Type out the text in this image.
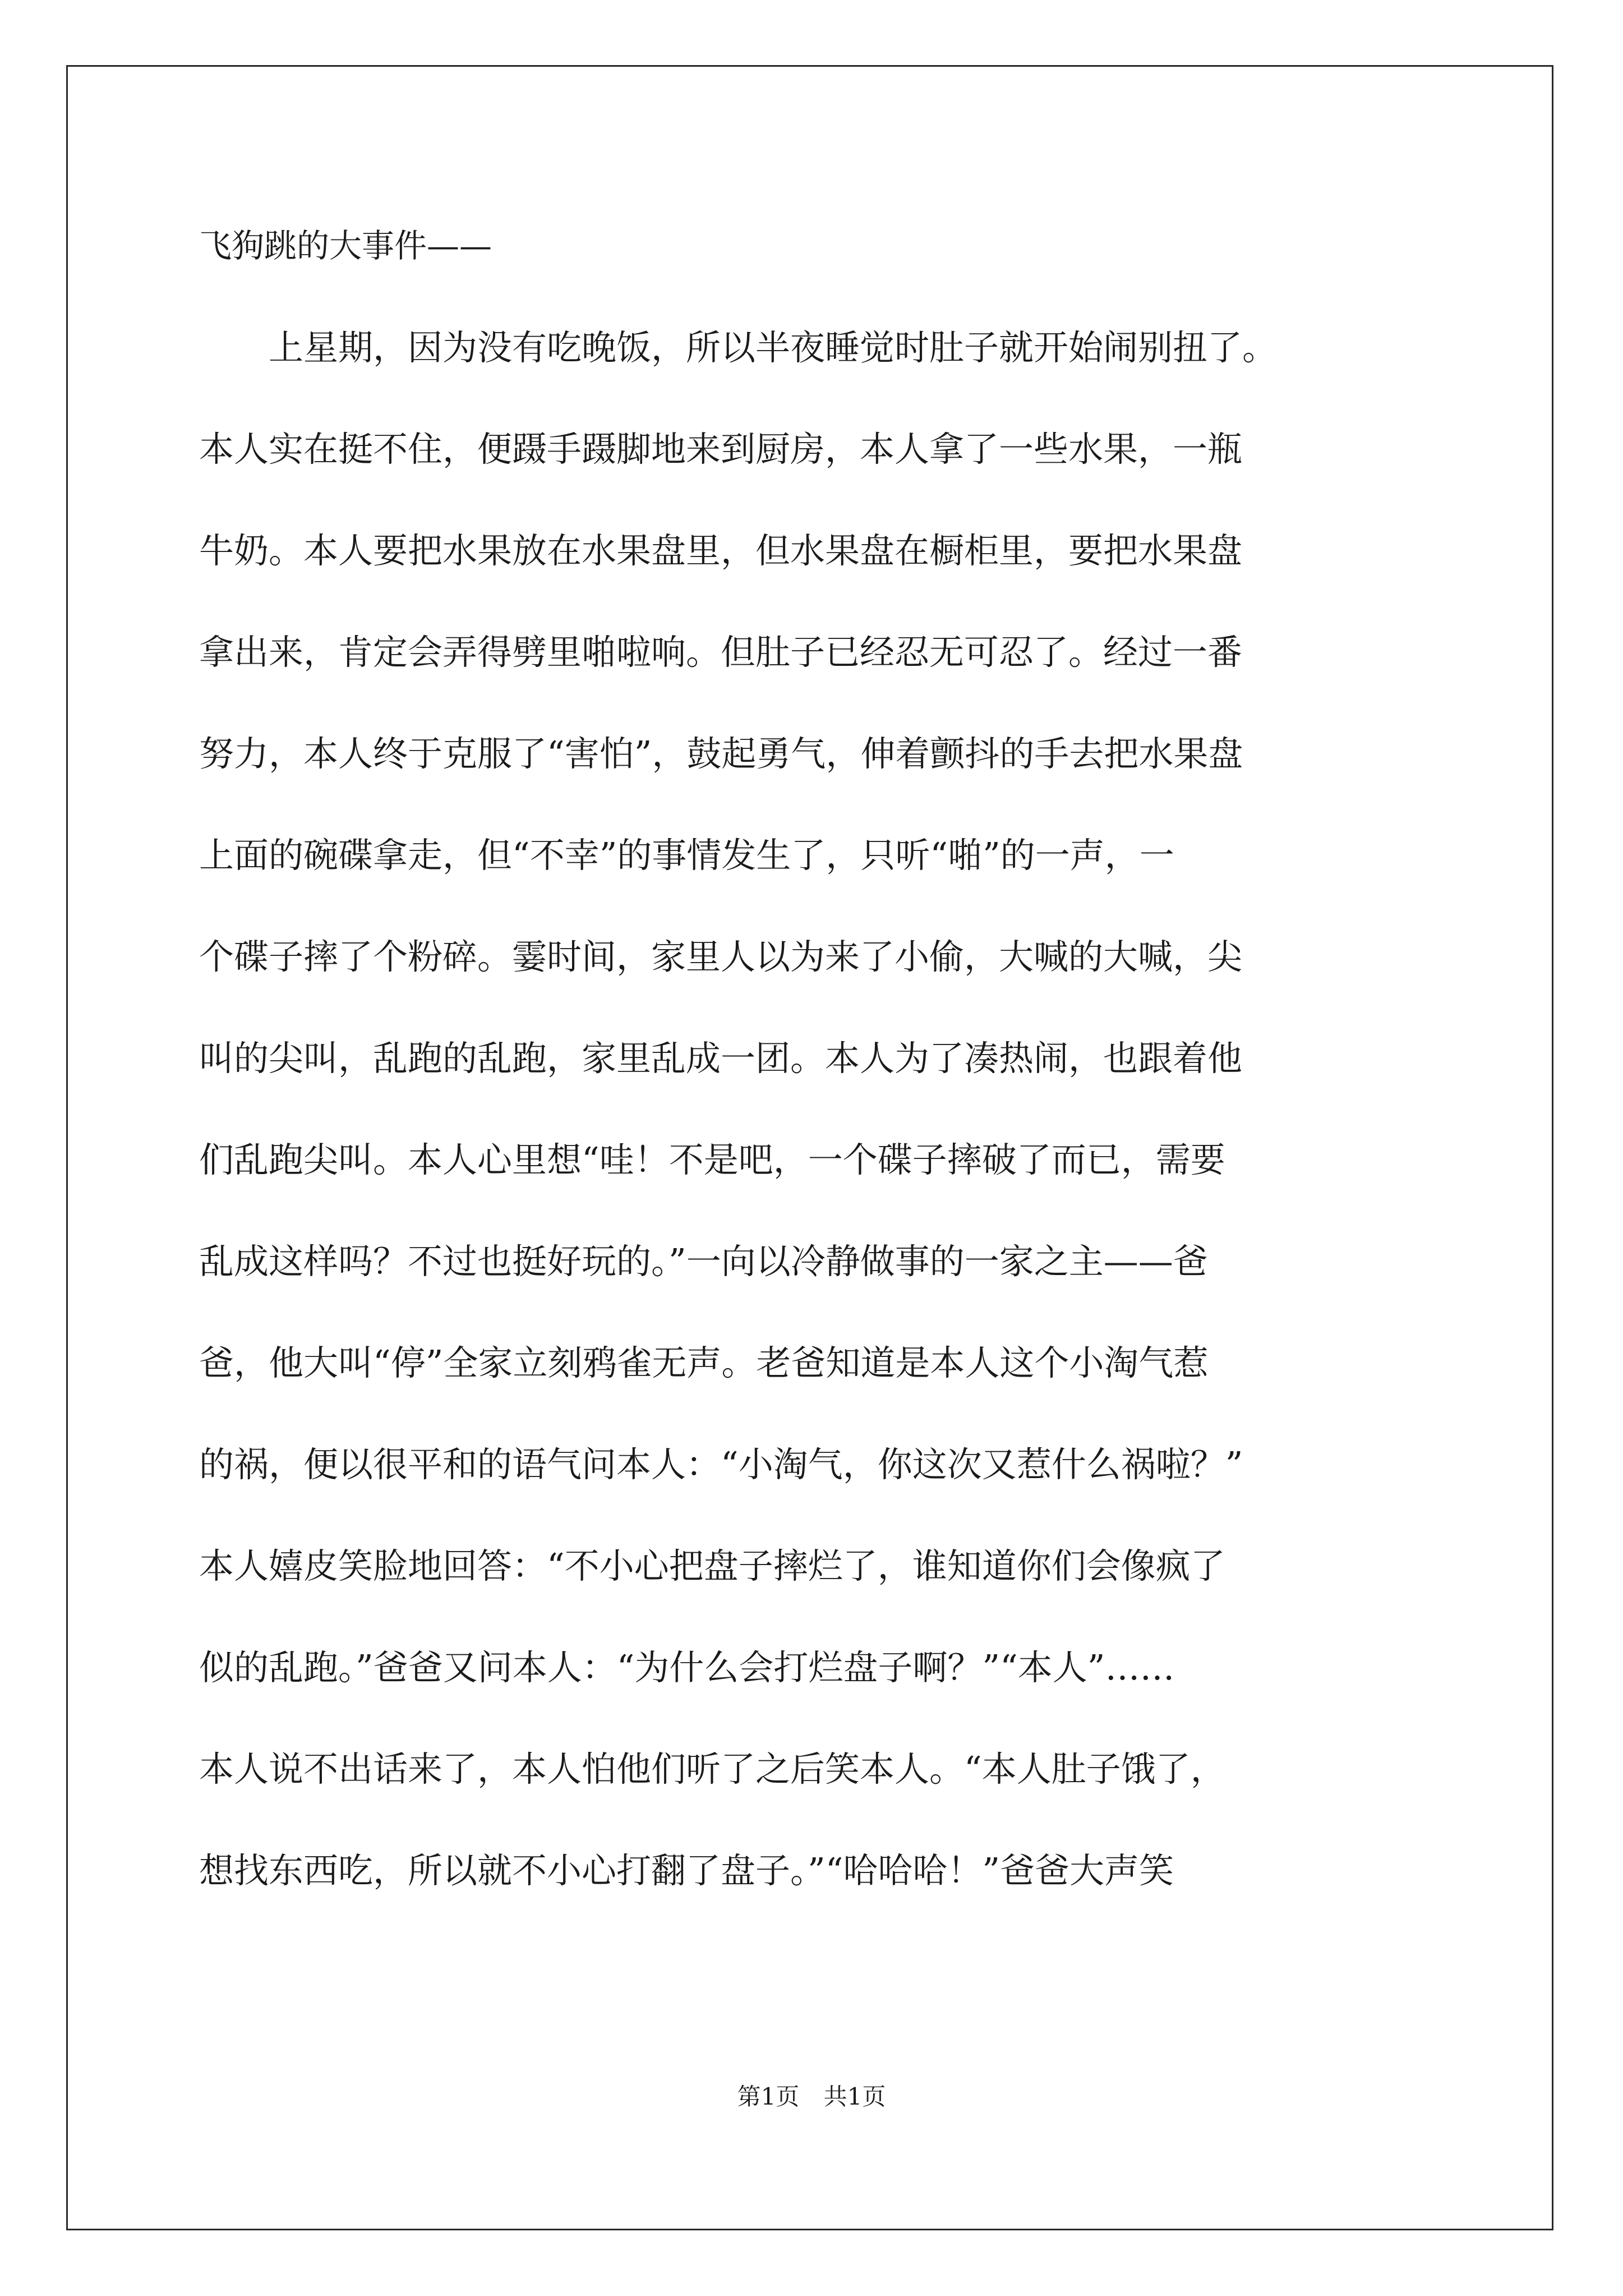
飞狗跳的大事件——

　　上星期，因为没有吃晚饭，所以半夜睡觉时肚子就开始闹别扭了。

本人实在挺不住，便蹑手蹑脚地来到厨房，本人拿了一些水果，一瓶

牛奶。本人要把水果放在水果盘里，但水果盘在橱柜里，要把水果盘

拿出来，肯定会弄得劈里啪啦响。但肚子已经忍无可忍了。经过一番

努力，本人终于克服了“害怕”，鼓起勇气，伸着颤抖的手去把水果盘

上面的碗碟拿走，但“不幸”的事情发生了，只听“啪”的一声，一

个碟子摔了个粉碎。霎时间，家里人以为来了小偷，大喊的大喊，尖

叫的尖叫，乱跑的乱跑，家里乱成一团。本人为了凑热闹，也跟着他

们乱跑尖叫。本人心里想“哇！不是吧，一个碟子摔破了而已，需要

乱成这样吗？不过也挺好玩的。”一向以冷静做事的一家之主——爸

爸，他大叫“停”全家立刻鸦雀无声。老爸知道是本人这个小淘气惹

的祸，便以很平和的语气问本人：“小淘气，你这次又惹什么祸啦？”

本人嬉皮笑脸地回答：“不小心把盘子摔烂了，谁知道你们会像疯了

似的乱跑。”爸爸又问本人：“为什么会打烂盘子啊？”“本人”……

本人说不出话来了，本人怕他们听了之后笑本人。“本人肚子饿了，

想找东西吃，所以就不小心打翻了盘子。”“哈哈哈！”爸爸大声笑

第1页 共1页
